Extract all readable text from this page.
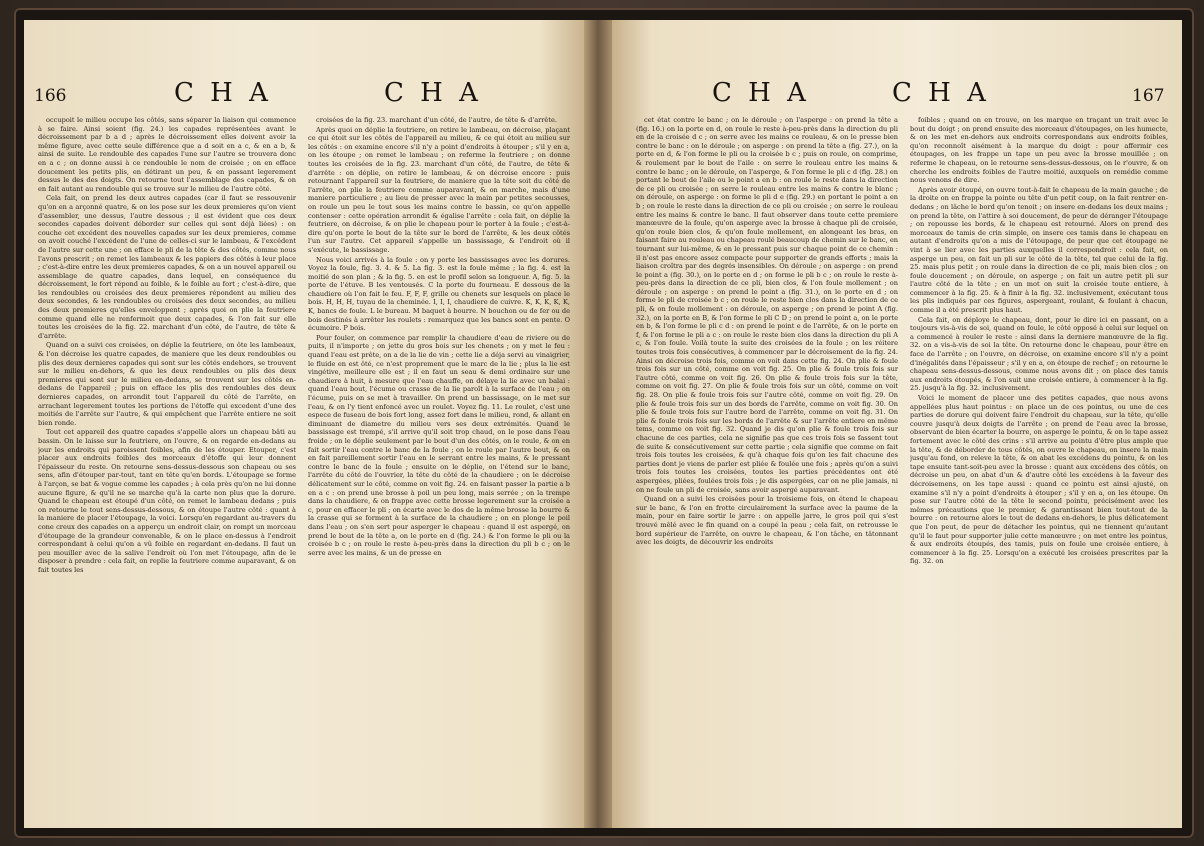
166	C H A	C H A

occupoit le milieu occupe les côtés, sans séparer la liaison qui commence à se faire. Ainsi soient (fig. 24.) les capades représentées avant le décroissement par b a d ; après le décroissement elles doivent avoir la même figure, avec cette seule différence que a d soit en a c, & en a b, & ainsi de suite. Le rendouble des capades l'une sur l'autre se trouvera donc en a c ; on donne aussi à ce rendouble le nom de croisée ; on en efface doucement les petits plis, en détirant un peu, & en passant legerement dessus le des des doigts. On retourne tout l'assemblage des capades, & on en fait autant au rendouble qui se trouve sur le milieu de l'autre côté.

Cela fait, on prend les deux autres capades (car il faut se ressouvenir qu'on en a arçonné quatre, & on les pose sur les deux premieres qu'on vient d'assembler, une dessus, l'autre dessous ; il est évident que ces deux secondes capades doivent déborder sur celles qui sont déjà liées) : on couche cet excédent des nouvelles capades sur les deux premieres, comme on avoit couché l'excédent de l'une de celles-ci sur le lambeau, & l'excédent de l'autre sur cette une ; on efface le pli de la tête & des côtés, comme nous l'avons prescrit ; on remet les lambeaux & les papiers des côtés à leur place ; c'est-à-dire entre les deux premieres capades, & on a un nouvel appareil ou assemblage de quatre capades, dans lequel, en conséquence du décroissement, le fort répond au foible, & le foible au fort ; c'est-à-dire, que les rendoubles ou croisées des deux premieres répondent au milieu des deux secondes, & les rendoubles ou croisées des deux secondes, au milieu des deux premieres qu'elles enveloppent ; après quoi on plie la feutriere comme quand elle ne renfermoit que deux capades, & l'on fait sur elle toutes les croisées de la fig. 22. marchant d'un côté, de l'autre, de tête & d'arrête.

Quand on a suivi ces croisées, on déplie la feutriere, on ôte les lambeaux, & l'on décroise les quatre capades, de maniere que les deux rendoubles ou plis des deux dernieres capades qui sont sur les côtés endehors, se trouvent sur le milieu en-dehors, & que les deux rendoubles ou plis des deux premieres qui sont sur le milieu en-dedans, se trouvent sur les côtés en-dedans de l'appareil ; puis on efface les plis des rendoubles des deux dernieres capades, on arrondit tout l'appareil du côté de l'arrête, en arrachant legerement toutes les portions de l'étoffe qui excedent d'une des moitiés de l'arrête sur l'autre, & qui empêchent que l'arrête entiere ne soit bien ronde.

Tout cet appareil des quatre capades s'appelle alors un chapeau bâti au bassin. On le laisse sur la feutriere, on l'ouvre, & on regarde en-dedans au jour les endroits qui paroissent foibles, afin de les étouper. Etouper, c'est placer aux endroits foibles des morceaux d'étoffe qui leur donnent l'épaisseur du reste. On retourne sens-dessus-dessous son chapeau ou ses sens, afin d'étouper par-tout, tant en tête qu'en bords. L'étoupage se forme à l'arçon, se bat & vogue comme les capades ; à cela près qu'on ne lui donne aucune figure, & qu'il ne se marche qu'à la carte non plus que la dorure. Quand le chapeau est étoupé d'un côté, on remet le lambeau dedans ; puis on retourne le tout sens-dessus-dessous, & on étoupe l'autre côté : quant à la maniere de placer l'étoupage, la voici. Lorsqu'en regardant au-travers du cone creux des capades on a apperçu un endroit clair, on rompt un morceau d'étoupage de la grandeur convenable, & on le place en-dessus à l'endroit correspondant à celui qu'on a vû foible en regardant en-dedans. Il faut un peu mouiller avec de la salive l'endroit où l'on met l'étoupage, afin de le disposer à prendre : cela fait, on replie la feutriere comme auparavant, & on fait toutes les

croisées de la fig. 23. marchant d'un côté, de l'autre, de tête & d'arrête.

Après quoi on déplie la feutriere, on retire le lambeau, on décroise, plaçant ce qui étoit sur les côtés de l'appareil au milieu, & ce qui étoit au milieu sur les côtés : on examine encore s'il n'y a point d'endroits à étouper ; s'il y en a, on les étoupe ; on remet le lambeau ; on referme la feutriere ; on donne toutes les croisées de la fig. 23. marchant d'un côté, de l'autre, de tête & d'arrête : on déplie, on retire le lambeau, & on décroise encore : puis retournant l'appareil sur la feutriere, de maniere que la tête soit du côté de l'arrête, on plie la feutriere comme auparavant, & on marche, mais d'une maniere particuliere ; au lieu de presser avec la main par petites secousses, on roule un peu le tout sous les mains contre le bassin, ce qu'on appelle contenser : cette opération arrondit & égalise l'arrête : cela fait, on déplie la feutriere, on décroise, & on plie le chapeau pour le porter à la foule ; c'est-à-dire qu'on porte le bout de la tête sur le bord de l'arrête, & les deux côtés l'un sur l'autre. Cet appareil s'appelle un bassissage, & l'endroit où il s'exécute, le bassissage.

Nous voici arrivés à la foule : on y porte les bassissages avec les dorures. Voyez la foule, fig. 3. 4. & 5. La fig. 3. est la foule même ; la fig. 4. est la moitié de son plan ; & la fig. 5. en est le profil selon sa longueur. A, fig. 5. la porte de l'étuve. B les ventousés. C la porte du fourneau. E dessous de la chaudiere où l'on fait le feu. F, F, F, grille ou chenets sur lesquels on place le bois. H, H, H, tuyau de la cheminée. I, I, I, chaudiere de cuivre. K, K, K, K, K, K, bancs de foule. L le bureau. M baquet à bourre. N bouchon ou de fer ou de bois destinés à arrêter les roulets : remarquez que les bancs sont en pente. O écumoire. P bois.

Pour fouler, on commence par remplir la chaudiere d'eau de riviere ou de puits, il n'importe ; on jette du gros bois sur les chenets ; on y met le feu : quand l'eau est prête, on a de la lie de vin ; cette lie a déja servi au vinaigrier, le fluide en est ôté, ce n'est proprement que le marc de la lie ; plus la lie est vingétive, meilleure elle est ; il en faut un seau & demi ordinaire sur une chaudiere à huit, à mesure que l'eau chauffe, on délaye la lie avec un balai : quand l'eau bout, l'écume ou crasse de la lie paroît à la surface de l'eau ; on l'écume, puis on se met à travailler. On prend un bassissage, on le met sur l'eau, & on l'y tient enfoncé avec un roulet. Voyez fig. 11. Le roulet, c'est une espece de fuseau de bois fort long, assez fort dans le milieu, rond, & allant en diminuant de diametre du milieu vers ses deux extrémités. Quand le bassissage est trempé, s'il arrive qu'il soit trop chaud, on le pose dans l'eau froide ; on le déplie seulement par le bout d'un des côtés, on le roule, & on en fait sortir l'eau contre le banc de la foule ; on le roule par l'autre bout, & on en fait pareillement sortir l'eau en le serrant entre les mains, & le pressant contre le banc de la foule ; ensuite on le déplie, on l'étend sur le banc, l'arrête du côté de l'ouvrier, la tête du côté de la chaudiere ; on le décroise délicatement sur le côté, comme on voit fig. 24. en faisant passer la partie a b en a c : on prend une brosse à poil un peu long, mais serrée ; on la trempe dans la chaudiere, & on frappe avec cette brosse legerement sur la croisée a c, pour en effacer le pli ; on écarte avec le dos de la même brosse la bourre & la crasse qui se forment à la surface de la chaudiere ; on en plonge le poil dans l'eau ; on s'en sert pour asperger le chapeau : quand il est aspergé, on prend le bout de la tête a, on le porte en d (fig. 24.) & l'on forme le pli ou la croisée b c ; on roule le reste à-peu-près dans la direction du pli b c ; on le serre avec les mains, & un de presse en

C H A	C H A	167

cet état contre le banc ; on le déroule ; on l'asperge : on prend la tête a (fig. 16.) on la porte en d, on roule le reste à-peu-près dans la direction du pli en de la croisée d c ; on serre avec les mains ce rouleau, & on le presse bien contre le banc : on le déroule ; on asperge : on prend la tête a (fig. 27.), on la porte en d, & l'on forme le pli ou la croisée b c ; puis on roule, on comprime, & roulement par le bout de l'aile : on serre le rouleau entre les mains & contre le banc ; on le déroule, on l'asperge, & l'on forme le pli c d (fig. 28.) en portant le bout de l'aile ou le point a en b : on roule le reste dans la direction de ce pli ou croisée ; on serre le rouleau entre les mains & contre le blanc ; on déroule, on asperge : on forme le pli d e (fig. 29.) en portant le point a en b ; on roule le reste dans la direction de ce pli ou croisée ; on serre le rouleau entre les mains & contre le banc. Il faut observer dans toute cette premiere manœuvre de la foule, qu'on asperge avec la brosse à chaque pli de croisée, qu'on roule bien clos, & qu'on foule mollement, en alongeant les bras, en faisant faire au rouleau ou chapeau roulé beaucoup de chemin sur le banc, en tournant sur lui-même, & en le pressant puis sur chaque point de ce chemin : il n'est pas encore assez compacte pour supporter de grands efforts ; mais la liaison croîtra par des degrés insensibles. On déroule ; on asperge : on prend le point a (fig. 30.), on le porte en d ; on forme le pli b c ; on roule le reste à-peu-près dans la direction de ce pli, bien clos, & l'on foule mollement ; on déroule ; on asperge : on prend le point a (fig. 31.), on le porte en d ; on forme le pli de croisée b c ; on roule le reste bien clos dans la direction de ce pli, & on foule mollement : on déroule, on asperge ; on prend le point A (fig. 32.), on la porte en B, & l'on forme le pli C D ; on prend le point a, on le porte en b, & l'on forme le pli c d : on prend le point e de l'arrête, & on le porte en f, & l'on forme le pli a c : on roule le reste bien clos dans la direction du pli A c, & l'on foule. Voilà toute la suite des croisées de la foule ; on les réitere toutes trois fois consécutives, à commencer par le décroisement de la fig. 24. Ainsi on décroise trois fois, comme on voit dans cette fig. 24. On plie & foule trois fois sur un côté, comme on voit fig. 25. On plie & foule trois fois sur l'autre côté, comme on voit fig. 26. On plie & foule trois fois sur la tête, comme on voit fig. 27. On plie & foule trois fois sur un côté, comme on voit fig. 28. On plie & foule trois fois sur l'autre côté, comme on voit fig. 29. On plie & foule trois fois sur un des bords de l'arrête, comme on voit fig. 30. On plie & foule trois fois sur l'autre bord de l'arrête, comme on voit fig. 31. On plie & foule trois fois sur les bords de l'arrête & sur l'arrête entiere en même tems, comme on voit fig. 32. Quand je dis qu'on plie & foule trois fois sur chacune de ces parties, cela ne signifie pas que ces trois fois se fassent tout de suite & consécutivement sur cette partie ; cela signifie que comme on fait trois fois toutes les croisées, & qu'à chaque fois qu'on les fait chacune des parties dont je viens de parler est pliée & foulée une fois ; après qu'on a suivi trois fois toutes les croisées, toutes les parties précédentes ont été aspergées, pliées, foulées trois fois ; je dis aspergées, car on ne plie jamais, ni on ne foule un pli de croisée, sans avoir aspergé auparavant.

Quand on a suivi les croisées pour la troisieme fois, on étend le chapeau sur le banc, & l'on en frotte circulairement la surface avec la paume de la main, pour en faire sortir le jarre : on appelle jarre, le gros poil qui s'est trouvé mêlé avec le fin quand on a coupé la peau ; cela fait, on retrousse le bord supérieur de l'arrête, on ouvre le chapeau, & l'on tâche, en tâtonnant avec les doigts, de découvrir les endroits

foibles ; quand on en trouve, on les marque en traçant un trait avec le bout du doigt ; on prend ensuite des morceaux d'étoupages, on les humecte, & on les met en-dehors aux endroits correspondans aux endroits foibles, qu'on reconnoît aisément à la marque du doigt : pour affermir ces étoupages, on les frappe un tape un peu avec la brosse mouillée ; on referme le chapeau, on le retourne sens-dessus-dessous, on le r'ouvre, & on cherche les endroits foibles de l'autre moitié, auxquels on remédie comme nous venons de dire.

Après avoir étoupé, on ouvre tout-à-fait le chapeau de la main gauche ; de la droite on en frappe la pointe ou tête d'un petit coup, on la fait rentrer en-dedans ; on lâche le bord qu'on tenoit ; on insere en-dedans les deux mains ; on prend la tête, on l'attire à soi doucement, de peur de déranger l'étoupage ; on repousse les bords, & le chapeau est retourné. Alors on prend des morceaux de tamis de crin simple, on insere ces tamis dans le chapeau en autant d'endroits qu'on a mis de l'étoupage, de peur que cet étoupage ne vint à se lier avec les parties auxquelles il correspondroit : cela fait, on asperge un peu, on fait un pli sur le côté de la tête, tel que celui de la fig. 25. mais plus petit ; on roule dans la direction de ce pli, mais bien clos ; on foule doucement ; on déroule, on asperge ; on fait un autre petit pli sur l'autre côté de la tête ; en un mot on suit la croisée toute entiere, à commencer à la fig. 25. & à finir à la fig. 32. inclusivement, exécutant tous les plis indiqués par ces figures, aspergeant, roulant, & foulant à chacun, comme il a été prescrit plus haut.

Cela fait, on déploye le chapeau, dont, pour le dire ici en passant, on a toujours vis-à-vis de soi, quand on foule, le côté opposé à celui sur lequel on a commencé à rouler le reste : ainsi dans la derniere manœuvre de la fig. 32. on a vis-à-vis de soi la tête. On retourne donc le chapeau, pour être en face de l'arrête ; on l'ouvre, on décroise, on examine encore s'il n'y a point d'inégalités dans l'épaisseur ; s'il y en a, on étoupe de rechef ; on retourne le chapeau sens-dessus-dessous, comme nous avons dit ; on place des tamis aux endroits étoupés, & l'on suit une croisée entiere, à commencer à la fig. 25. jusqu'à la fig. 32. inclusivement.

Voici le moment de placer une des petites capades, que nous avons appellées plus haut pointus : on place un de ces pointus, ou une de ces parties de dorure qui doivent faire l'endroit du chapeau, sur la tête, qu'elle couvre jusqu'à deux doigts de l'arrête ; on prend de l'eau avec la brosse, observant de bien écarter la bourre, on asperge le pointu, & on le tape assez fortement avec le côté des crins : s'il arrive au pointu d'être plus ample que la tête, & de déborder de tous côtés, on ouvre le chapeau, on insere la main jusqu'au fond, on releve la tête, & on abat les excédens du pointu, & on les tape ensuite tant-soit-peu avec la brosse : quant aux excédens des côtés, on décroise un peu, on abat d'un & d'autre côté les excédens à la faveur des décroisemens, on les tape aussi : quand ce pointu est ainsi ajusté, on examine s'il n'y a point d'endroits à étouper ; s'il y en a, on les étoupe. On pose sur l'autre côté de la tête le second pointu, précisément avec les mêmes précautions que le premier, & garantissant bien tout-tout de la bourre : on retourne alors le tout de dedans en-dehors, le plus délicatement que l'on peut, de peur de détacher les pointus, qui ne tiennent qu'autant qu'il le faut pour supporter julie cette manœuvre ; on met entre les pointus, & aux endroits étoupés, des tamis, puis on foule une croisée entiere, à commencer à la fig. 25. Lorsqu'on a exécuté les croisées prescrites par la fig. 32. on
